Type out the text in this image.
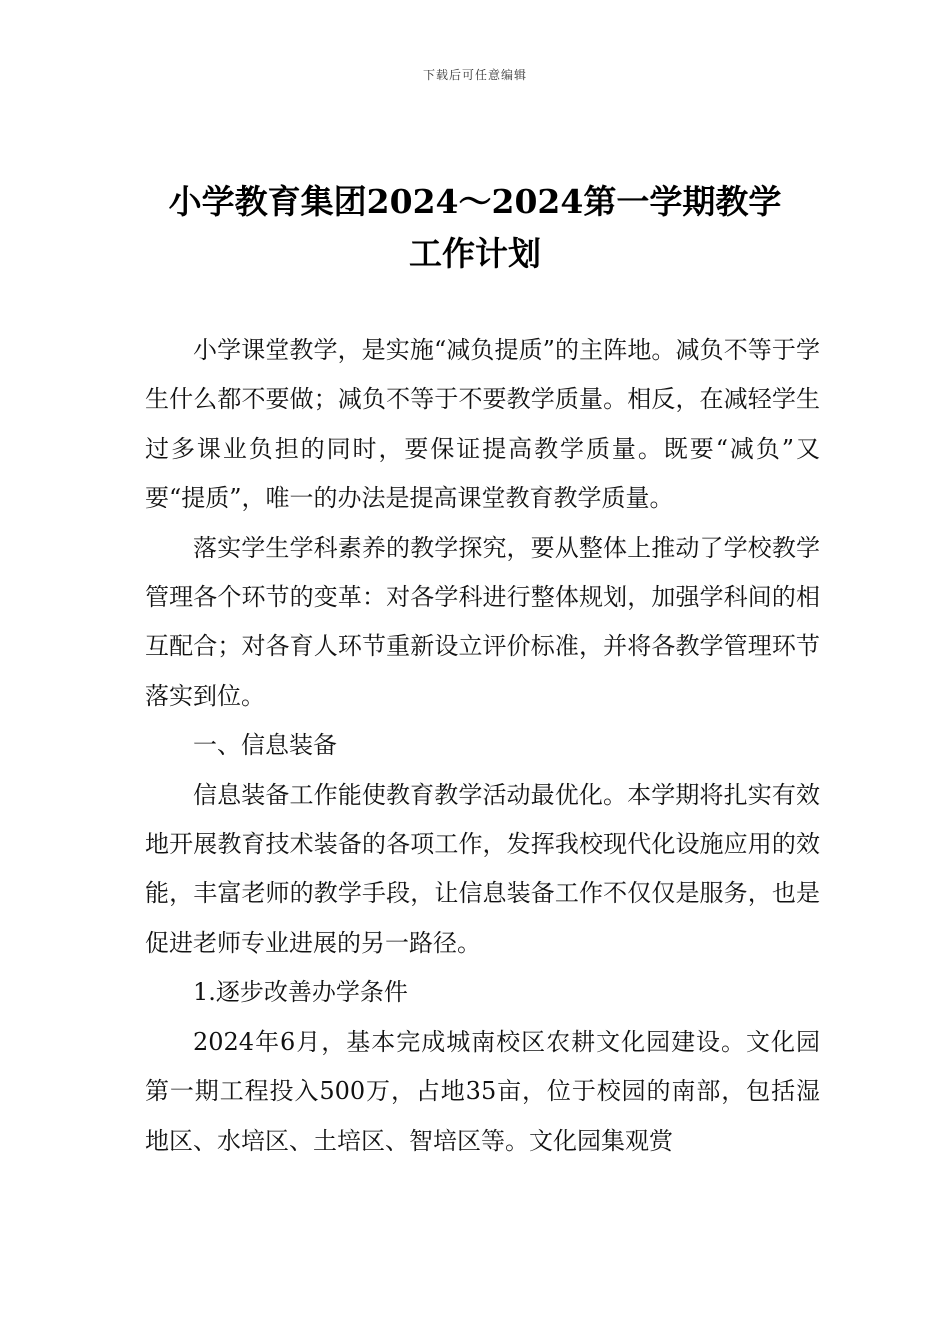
下载后可任意编辑
小学教育集团2024～2024第一学期教学
工作计划

小学课堂教学，是实施“减负提质”的主阵地。减负不等于学生什么都不要做；减负不等于不要教学质量。相反，在减轻学生过多课业负担的同时，要保证提高教学质量。既要“减负”又要“提质”，唯一的办法是提高课堂教育教学质量。

落实学生学科素养的教学探究，要从整体上推动了学校教学管理各个环节的变革：对各学科进行整体规划，加强学科间的相互配合；对各育人环节重新设立评价标准，并将各教学管理环节落实到位。

一、信息装备

信息装备工作能使教育教学活动最优化。本学期将扎实有效地开展教育技术装备的各项工作，发挥我校现代化设施应用的效能，丰富老师的教学手段，让信息装备工作不仅仅是服务，也是促进老师专业进展的另一路径。

1.逐步改善办学条件

2024年6月，基本完成城南校区农耕文化园建设。文化园第一期工程投入500万，占地35亩，位于校园的南部，包括湿地区、水培区、土培区、智培区等。文化园集观赏
